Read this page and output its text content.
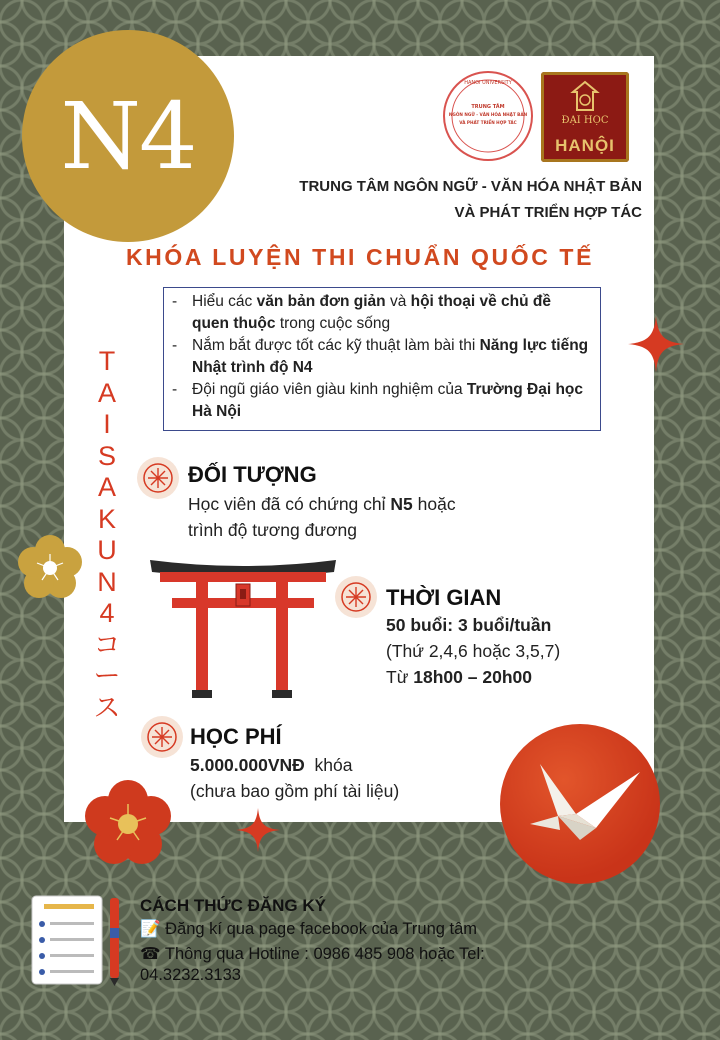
N4	HANOI UNIVERSITY
TRUNG TÂM
NGÔN NGỮ - VĂN HÓA NHẬT BẢN
VÀ PHÁT TRIỂN HỢP TÁC	ĐẠI HỌC
HANỘI
TRUNG TÂM NGÔN NGỮ - VĂN HÓA NHẬT BẢN
VÀ PHÁT TRIỂN HỢP TÁC
KHÓA LUYỆN THI CHUẨN QUỐC TẾ
- Hiểu các văn bản đơn giản và hội thoại về chủ đề quen thuộc trong cuộc sống
- Nắm bắt được tốt các kỹ thuật làm bài thi Năng lực tiếng Nhật trình độ N4
- Đội ngũ giáo viên giàu kinh nghiệm của Trường Đại học Hà Nội
T
A
I
S
A
K
U
N
4
コ
ー
ス
ĐỐI TƯỢNG
Học viên đã có chứng chỉ N5 hoặc
trình độ tương đương
THỜI GIAN
50 buổi: 3 buổi/tuần
(Thứ 2,4,6 hoặc 3,5,7)
Từ 18h00 – 20h00
HỌC PHÍ
5.000.000VNĐ  khóa
(chưa bao gồm phí tài liệu)
CÁCH THỨC ĐĂNG KÝ
📝 Đăng kí qua page facebook của Trung tâm
☎ Thông qua Hotline : 0986 485 908 hoặc Tel:
04.3232.3133
